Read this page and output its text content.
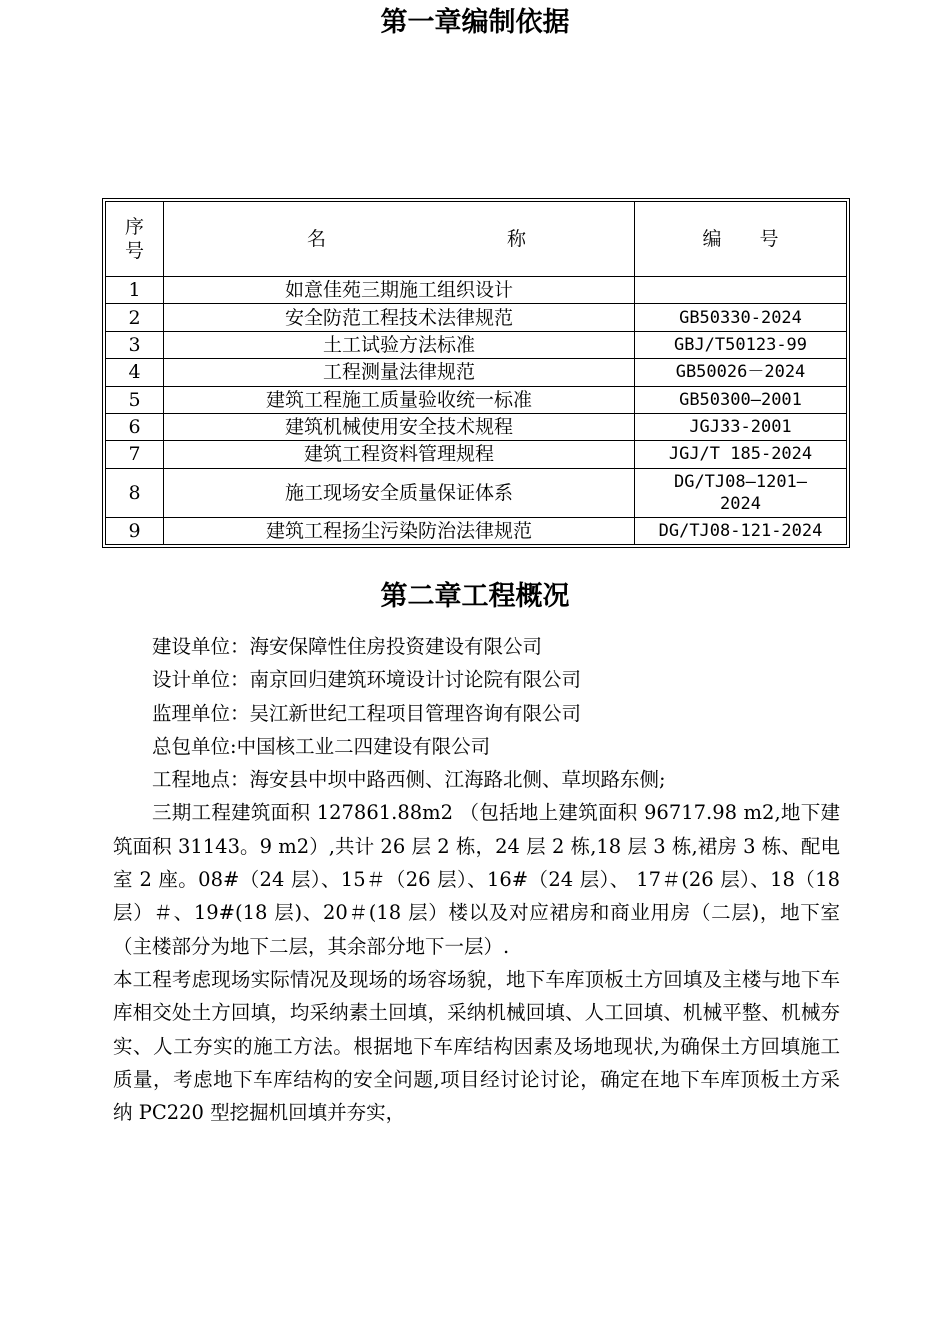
第一章编制依据
序号	名 称	编　　号
1	如意佳苑三期施工组织设计	
2	安全防范工程技术法律规范	GB50330-2024
3	土工试验方法标准	GBJ/T50123-99
4	工程测量法律规范	GB50026－2024
5	建筑工程施工质量验收统一标准	GB50300—2001
6	建筑机械使用安全技术规程	JGJ33-2001
7	建筑工程资料管理规程	JGJ/T 185-2024
8	施工现场安全质量保证体系	DG/TJ08—1201—
2024

9	建筑工程扬尘污染防治法律规范	DG/TJ08-121-2024
第二章工程概况

建设单位：海安保障性住房投资建设有限公司

设计单位：南京回归建筑环境设计讨论院有限公司

监理单位：吴江新世纪工程项目管理咨询有限公司

总包单位:中国核工业二四建设有限公司

工程地点：海安县中坝中路西侧、江海路北侧、草坝路东侧;

三期工程建筑面积 127861.88m2 （包括地上建筑面积 96717.98 m2,地下建筑面积 31143。9 m2）,共计 26 层 2 栋，24 层 2 栋,18 层 3 栋,裙房 3 栋、配电室 2 座。08#（24 层）、15＃（26 层）、16#（24 层）、 17＃(26 层）、18（18 层）＃、19#(18 层)、20＃(18 层）楼以及对应裙房和商业用房（二层)，地下室（主楼部分为地下二层，其余部分地下一层）.

本工程考虑现场实际情况及现场的场容场貌，地下车库顶板土方回填及主楼与地下车库相交处土方回填，均采纳素土回填，采纳机械回填、人工回填、机械平整、机械夯实、人工夯实的施工方法。根据地下车库结构因素及场地现状,为确保土方回填施工质量，考虑地下车库结构的安全问题,项目经讨论讨论，确定在地下车库顶板土方采纳 PC220 型挖掘机回填并夯实，
